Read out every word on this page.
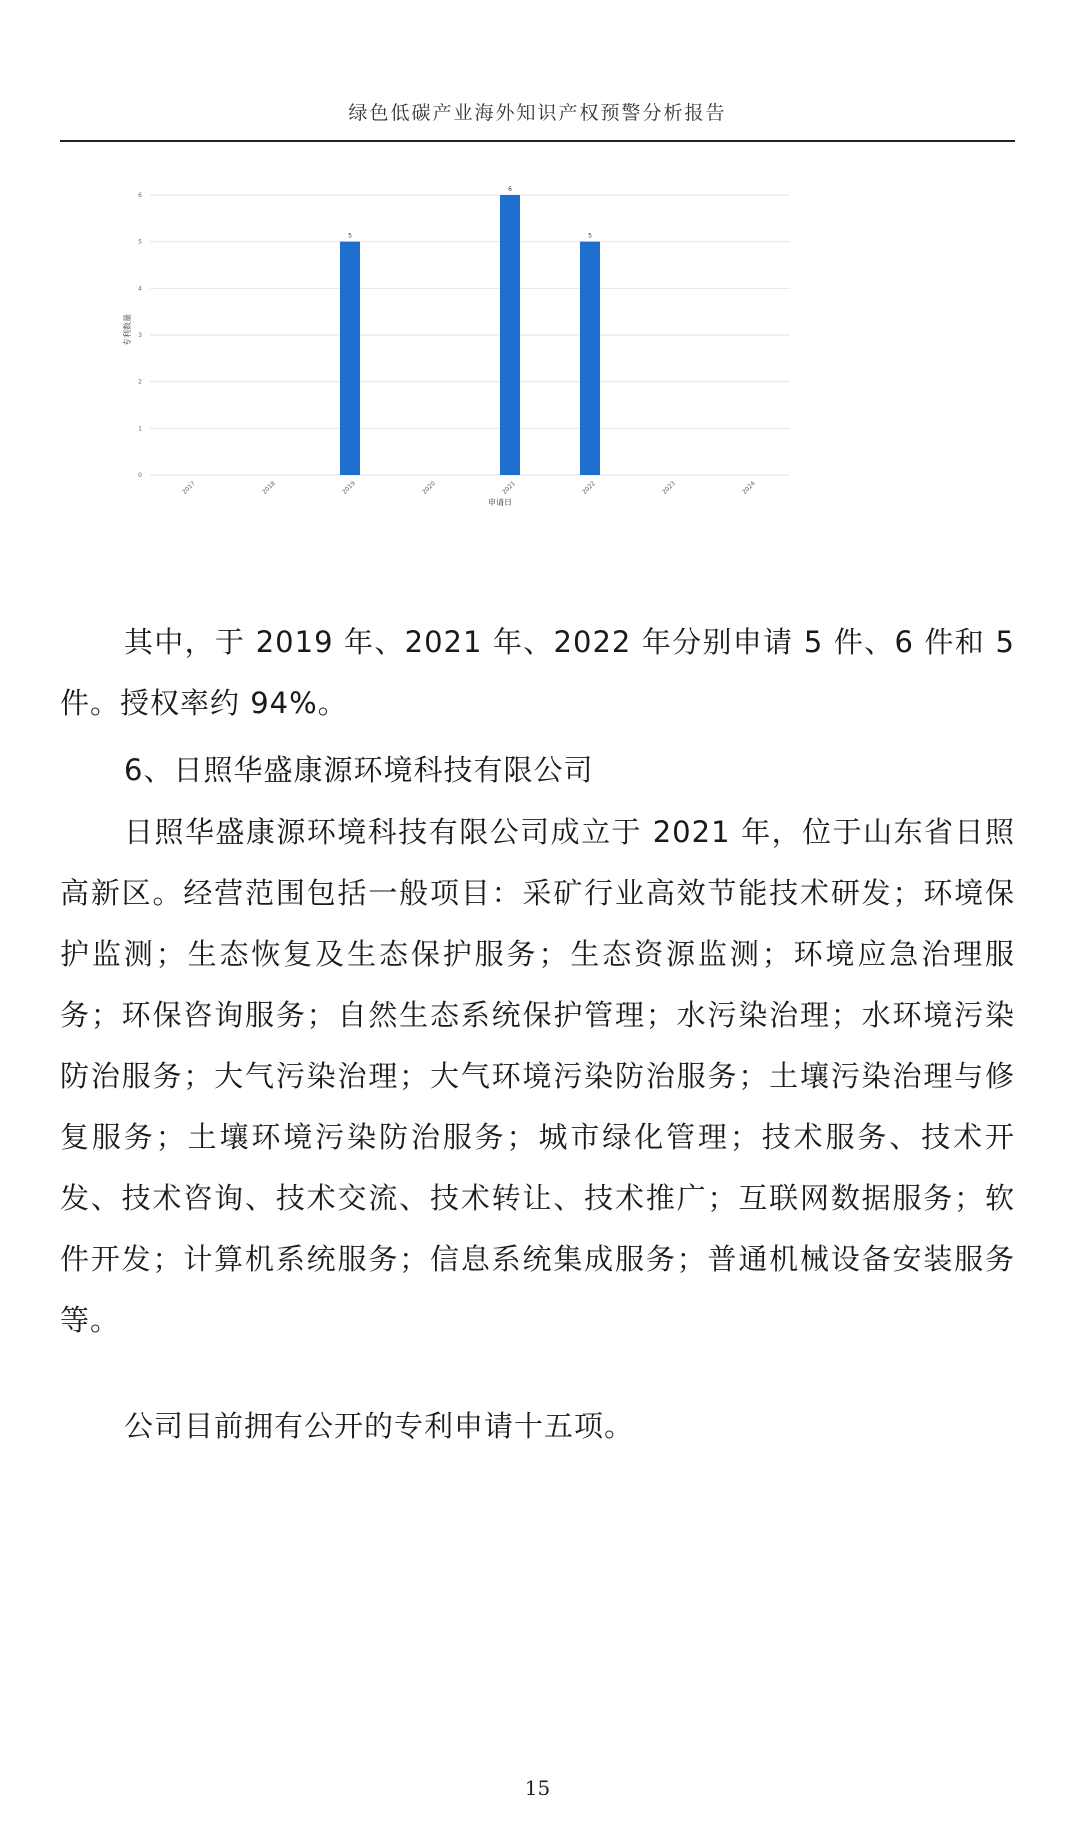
绿色低碳产业海外知识产权预警分析报告
专利数量
申请日
0
1
2
3
4
5
6
2017	2018
5
2019	2020
6
2021
5
2022	2023	2024
其中，于 2019 年、2021 年、2022 年分别申请 5 件、6 件和 5 件。授权率约 94%。
6、日照华盛康源环境科技有限公司
日照华盛康源环境科技有限公司成立于 2021 年，位于山东省日照高新区。经营范围包括一般项目：采矿行业高效节能技术研发；环境保护监测；生态恢复及生态保护服务；生态资源监测；环境应急治理服务；环保咨询服务；自然生态系统保护管理；水污染治理；水环境污染防治服务；大气污染治理；大气环境污染防治服务；土壤污染治理与修复服务；土壤环境污染防治服务；城市绿化管理；技术服务、技术开发、技术咨询、技术交流、技术转让、技术推广；互联网数据服务；软件开发；计算机系统服务；信息系统集成服务；普通机械设备安装服务等。
公司目前拥有公开的专利申请十五项。
15
